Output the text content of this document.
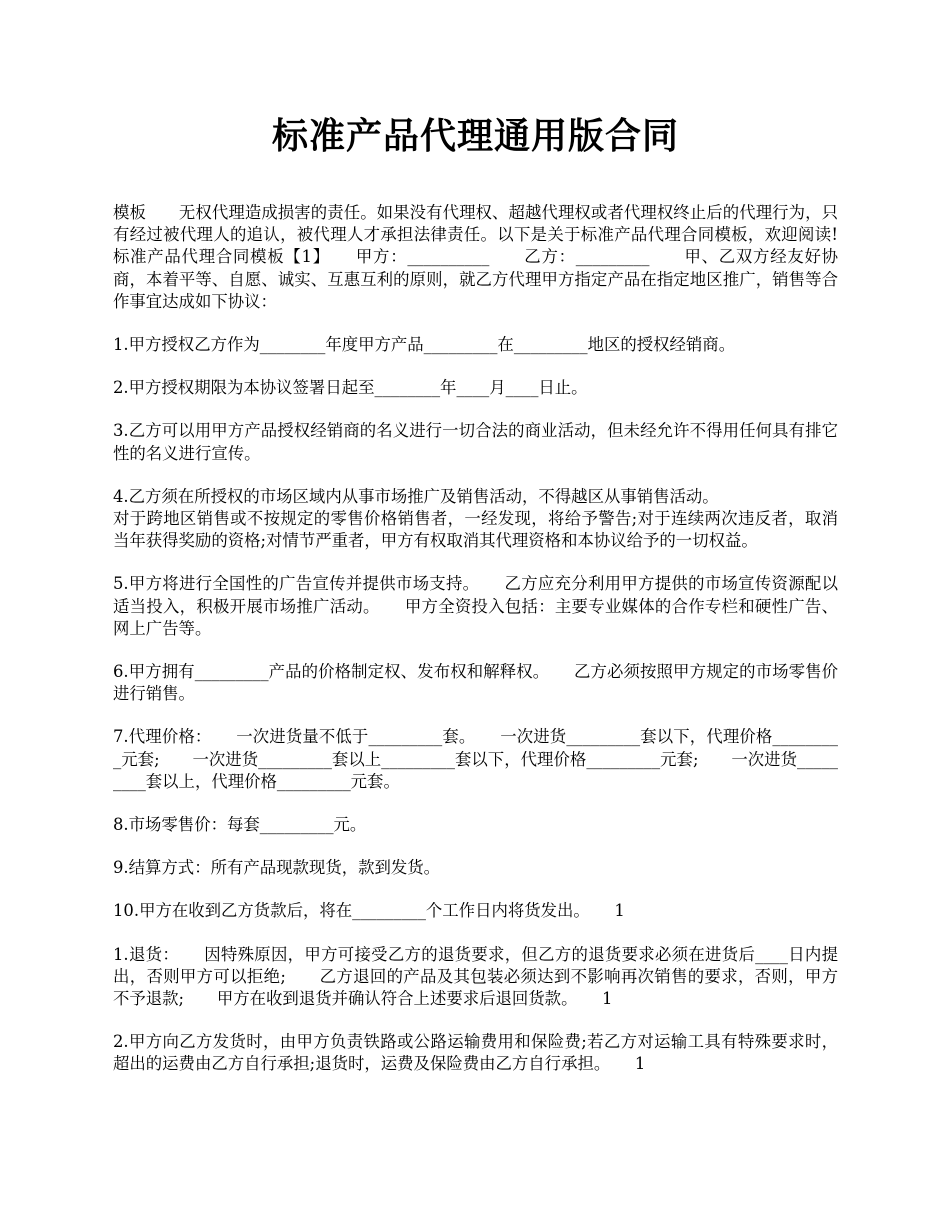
标准产品代理通用版合同

模板　　无权代理造成损害的责任。如果没有代理权、超越代理权或者代理权终止后的代理行为，只有经过被代理人的追认，被代理人才承担法律责任。以下是关于标准产品代理合同模板，欢迎阅读!　　标准产品代理合同模板【1】　　甲方：__________　　乙方：_________　　甲、乙双方经友好协商，本着平等、自愿、诚实、互惠互利的原则，就乙方代理甲方指定产品在指定地区推广，销售等合作事宜达成如下协议：

1.甲方授权乙方作为________年度甲方产品_________在_________地区的授权经销商。

2.甲方授权期限为本协议签署日起至________年____月____日止。

3.乙方可以用甲方产品授权经销商的名义进行一切合法的商业活动，但未经允许不得用任何具有排它性的名义进行宣传。

4.乙方须在所授权的市场区域内从事市场推广及销售活动，不得越区从事销售活动。
对于跨地区销售或不按规定的零售价格销售者，一经发现，将给予警告;对于连续两次违反者，取消当年获得奖励的资格;对情节严重者，甲方有权取消其代理资格和本协议给予的一切权益。

5.甲方将进行全国性的广告宣传并提供市场支持。　　乙方应充分利用甲方提供的市场宣传资源配以适当投入，积极开展市场推广活动。　　甲方全资投入包括：主要专业媒体的合作专栏和硬性广告、网上广告等。

6.甲方拥有_________产品的价格制定权、发布权和解释权。　　乙方必须按照甲方规定的市场零售价进行销售。

7.代理价格：　　一次进货量不低于_________套。　　一次进货_________套以下，代理价格_________元套;　　一次进货_________套以上_________套以下，代理价格_________元套;　　一次进货_________套以上，代理价格_________元套。

8.市场零售价：每套_________元。

9.结算方式：所有产品现款现货，款到发货。

10.甲方在收到乙方货款后，将在_________个工作日内将货发出。　　1

1.退货：　　因特殊原因，甲方可接受乙方的退货要求，但乙方的退货要求必须在进货后____日内提出，否则甲方可以拒绝;　　乙方退回的产品及其包装必须达到不影响再次销售的要求，否则，甲方不予退款;　　甲方在收到退货并确认符合上述要求后退回货款。　　1

2.甲方向乙方发货时，由甲方负责铁路或公路运输费用和保险费;若乙方对运输工具有特殊要求时，超出的运费由乙方自行承担;退货时，运费及保险费由乙方自行承担。　　1
